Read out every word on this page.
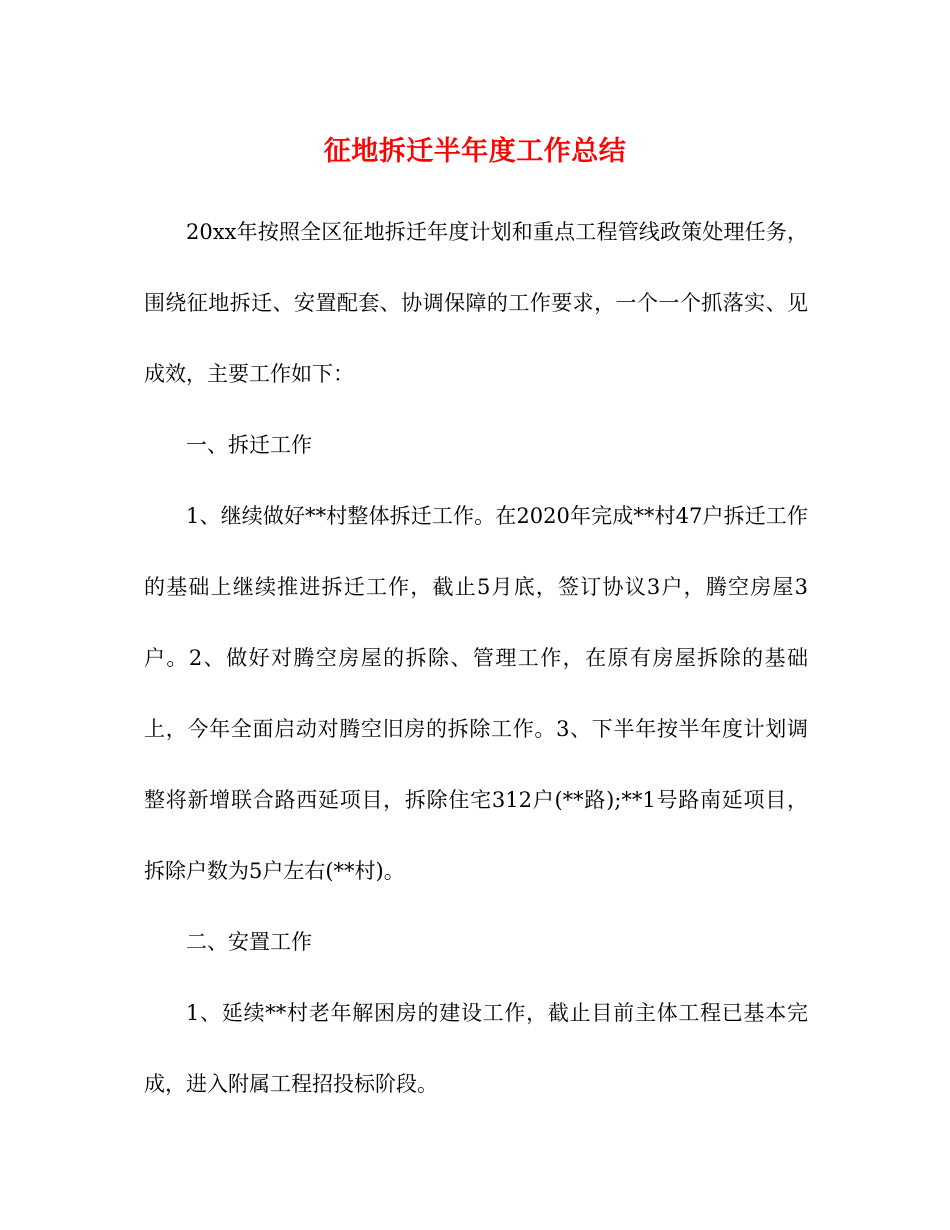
征地拆迁半年度工作总结

20xx年按照全区征地拆迁年度计划和重点工程管线政策处理任务，围绕征地拆迁、安置配套、协调保障的工作要求，一个一个抓落实、见成效，主要工作如下：

一、拆迁工作

1、继续做好**村整体拆迁工作。在2020年完成**村47户拆迁工作的基础上继续推进拆迁工作，截止5月底，签订协议3户，腾空房屋3户。2、做好对腾空房屋的拆除、管理工作，在原有房屋拆除的基础上，今年全面启动对腾空旧房的拆除工作。3、下半年按半年度计划调整将新增联合路西延项目，拆除住宅312户(**路);**1号路南延项目，拆除户数为5户左右(**村)。

二、安置工作

1、延续**村老年解困房的建设工作，截止目前主体工程已基本完成，进入附属工程招投标阶段。
